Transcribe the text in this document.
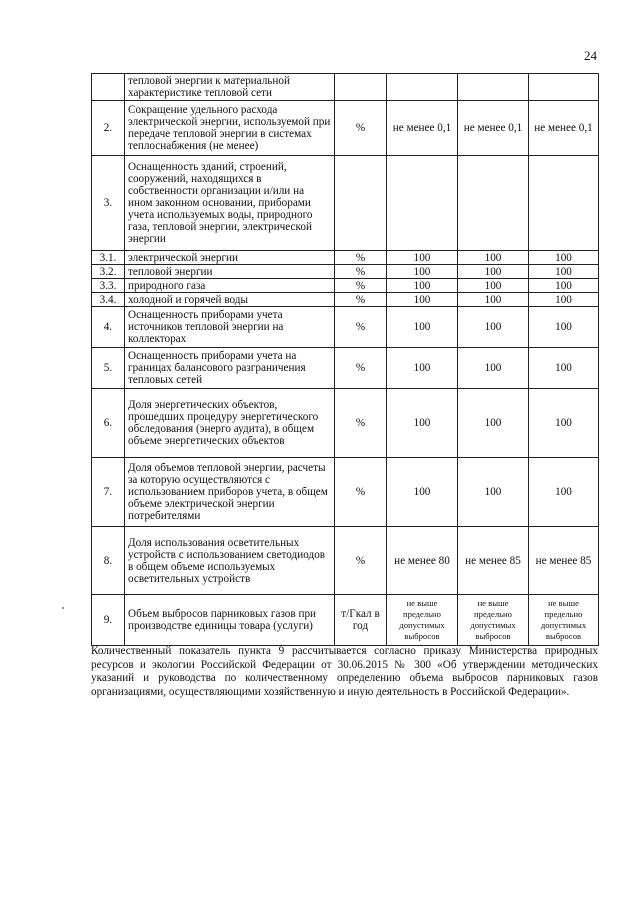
24
	тепловой энергии к материальной характеристике тепловой сети				
2.	Сокращение удельного расхода электрической энергии, используемой при передаче тепловой энергии в системах теплоснабжения (не менее)	%	не менее 0,1	не менее 0,1	не менее 0,1
3.	Оснащенность зданий, строений, сооружений, находящихся в собственности организации и/или на ином законном основании, приборами учета используемых воды, природного газа, тепловой энергии, электрической энергии				
3.1.	электрической энергии	%	100	100	100
3.2.	тепловой энергии	%	100	100	100
3.3.	природного газа	%	100	100	100
3.4.	холодной и горячей воды	%	100	100	100
4.	Оснащенность приборами учета источников тепловой энергии на коллекторах	%	100	100	100
5.	Оснащенность приборами учета на границах балансового разграничения тепловых сетей	%	100	100	100
6.	Доля энергетических объектов, прошедших процедуру энергетического обследования (энерго аудита), в общем объеме энергетических объектов	%	100	100	100
7.	Доля объемов тепловой энергии, расчеты за которую осуществляются с использованием приборов учета, в общем объеме электрической энергии потребителями	%	100	100	100
8.	Доля использования осветительных устройств с использованием светодиодов в общем объеме используемых осветительных устройств	%	не менее 80	не менее 85	не менее 85
9.	Объем выбросов парниковых газов при производстве единицы товара (услуги)	т/Гкал в год	не выше предельно допустимых выбросов	не выше предельно допустимых выбросов	не выше предельно допустимых выбросов

Количественный показатель пункта 9 рассчитывается согласно приказу Министерства природных ресурсов и экологии Российской Федерации от 30.06.2015 № 300 «Об утверждении методических указаний и руководства по количественному определению объема выбросов парниковых газов организациями, осуществляющими хозяйственную и иную деятельность в Российской Федерации».
